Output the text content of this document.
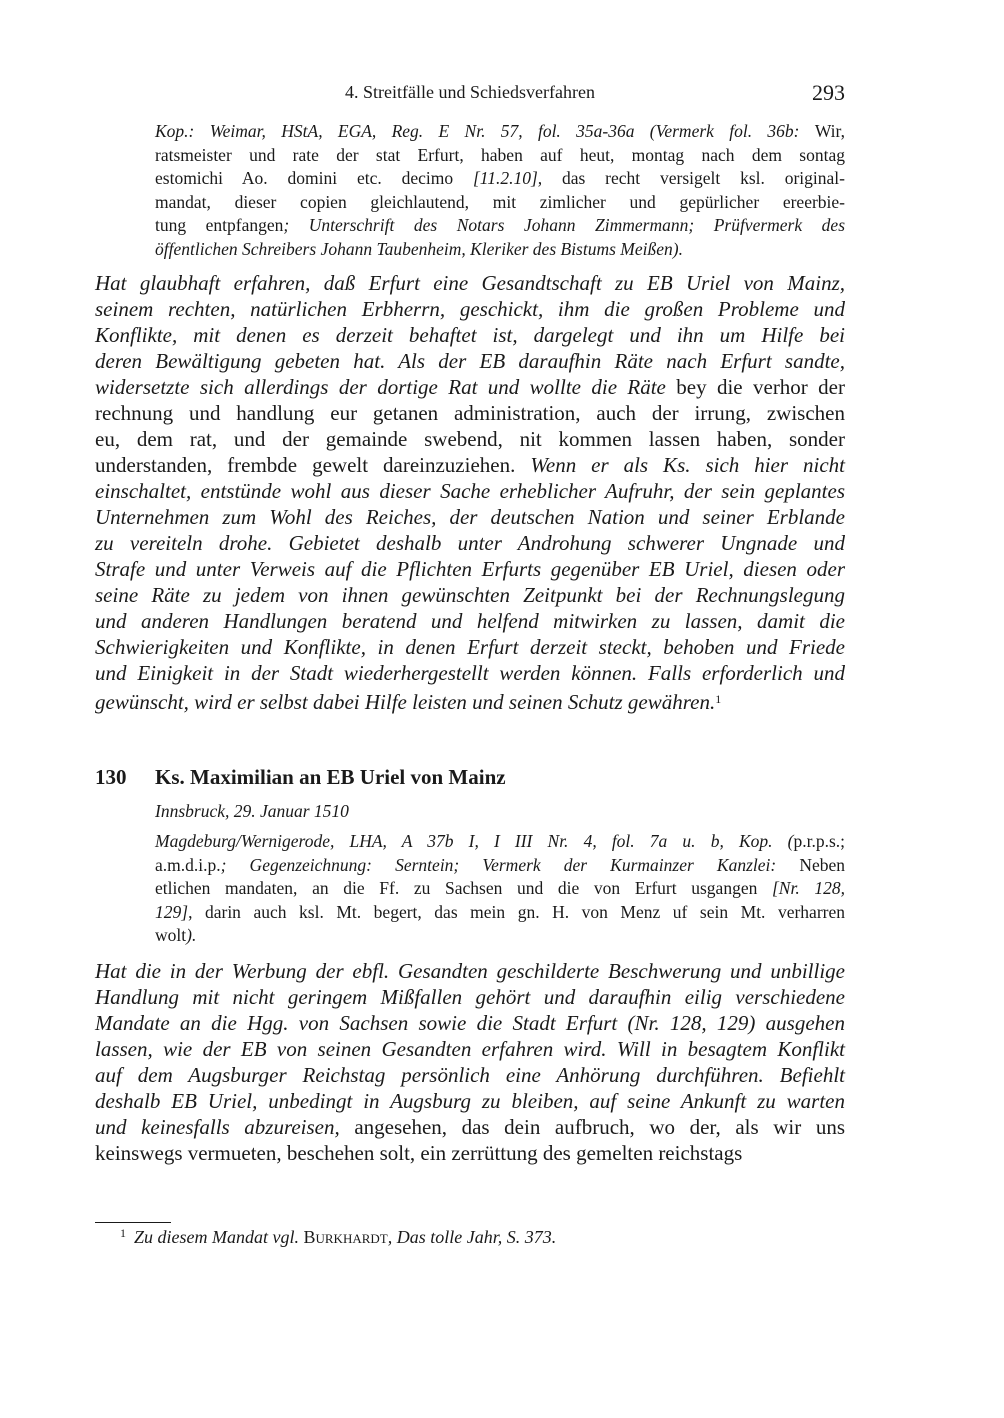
4. Streitfälle und Schiedsverfahren	293
Kop.: Weimar, HStA, EGA, Reg. E Nr. 57, fol. 35a-36a (Vermerk fol. 36b: Wir,
ratsmeister und rate der stat Erfurt, haben auf heut, montag nach dem sontag
estomichi Ao. domini etc. decimo [11.2.10], das recht versigelt ksl. original-
mandat, dieser copien gleichlautend, mit zimlicher und gepürlicher ereerbie-
tung entpfangen; Unterschrift des Notars Johann Zimmermann; Prüfvermerk des
öffentlichen Schreibers Johann Taubenheim, Kleriker des Bistums Meißen).
Hat glaubhaft erfahren, daß Erfurt eine Gesandtschaft zu EB Uriel von Mainz,
seinem rechten, natürlichen Erbherrn, geschickt, ihm die großen Probleme und
Konflikte, mit denen es derzeit behaftet ist, dargelegt und ihn um Hilfe bei
deren Bewältigung gebeten hat. Als der EB daraufhin Räte nach Erfurt sandte,
widersetzte sich allerdings der dortige Rat und wollte die Räte bey die verhor der
rechnung und handlung eur getanen administration, auch der irrung, zwischen
eu, dem rat, und der gemainde swebend, nit kommen lassen haben, sonder
understanden, frembde gewelt dareinzuziehen. Wenn er als Ks. sich hier nicht
einschaltet, entstünde wohl aus dieser Sache erheblicher Aufruhr, der sein geplantes
Unternehmen zum Wohl des Reiches, der deutschen Nation und seiner Erblande
zu vereiteln drohe. Gebietet deshalb unter Androhung schwerer Ungnade und
Strafe und unter Verweis auf die Pflichten Erfurts gegenüber EB Uriel, diesen oder
seine Räte zu jedem von ihnen gewünschten Zeitpunkt bei der Rechnungslegung
und anderen Handlungen beratend und helfend mitwirken zu lassen, damit die
Schwierigkeiten und Konflikte, in denen Erfurt derzeit steckt, behoben und Friede
und Einigkeit in der Stadt wiederhergestellt werden können. Falls erforderlich und
gewünscht, wird er selbst dabei Hilfe leisten und seinen Schutz gewähren.$^1$
130 Ks. Maximilian an EB Uriel von Mainz
Innsbruck, 29. Januar 1510
Magdeburg/Wernigerode, LHA, A 37b I, I III Nr. 4, fol. 7a u. b, Kop. (p.r.p.s.;
a.m.d.i.p.; Gegenzeichnung: Serntein; Vermerk der Kurmainzer Kanzlei: Neben
etlichen mandaten, an die Ff. zu Sachsen und die von Erfurt usgangen [Nr. 128,
129], darin auch ksl. Mt. begert, das mein gn. H. von Menz uf sein Mt. verharren
wolt).
Hat die in der Werbung der ebfl. Gesandten geschilderte Beschwerung und unbillige
Handlung mit nicht geringem Mißfallen gehört und daraufhin eilig verschiedene
Mandate an die Hgg. von Sachsen sowie die Stadt Erfurt (Nr. 128, 129) ausgehen
lassen, wie der EB von seinen Gesandten erfahren wird. Will in besagtem Konflikt
auf dem Augsburger Reichstag persönlich eine Anhörung durchführen. Befiehlt
deshalb EB Uriel, unbedingt in Augsburg zu bleiben, auf seine Ankunft zu warten
und keinesfalls abzureisen, angesehen, das dein aufbruch, wo der, als wir uns
keinswegs vermueten, beschehen solt, ein zerrüttung des gemelten reichstags
$^1$ Zu diesem Mandat vgl. Burkhardt, Das tolle Jahr, S. 373.
